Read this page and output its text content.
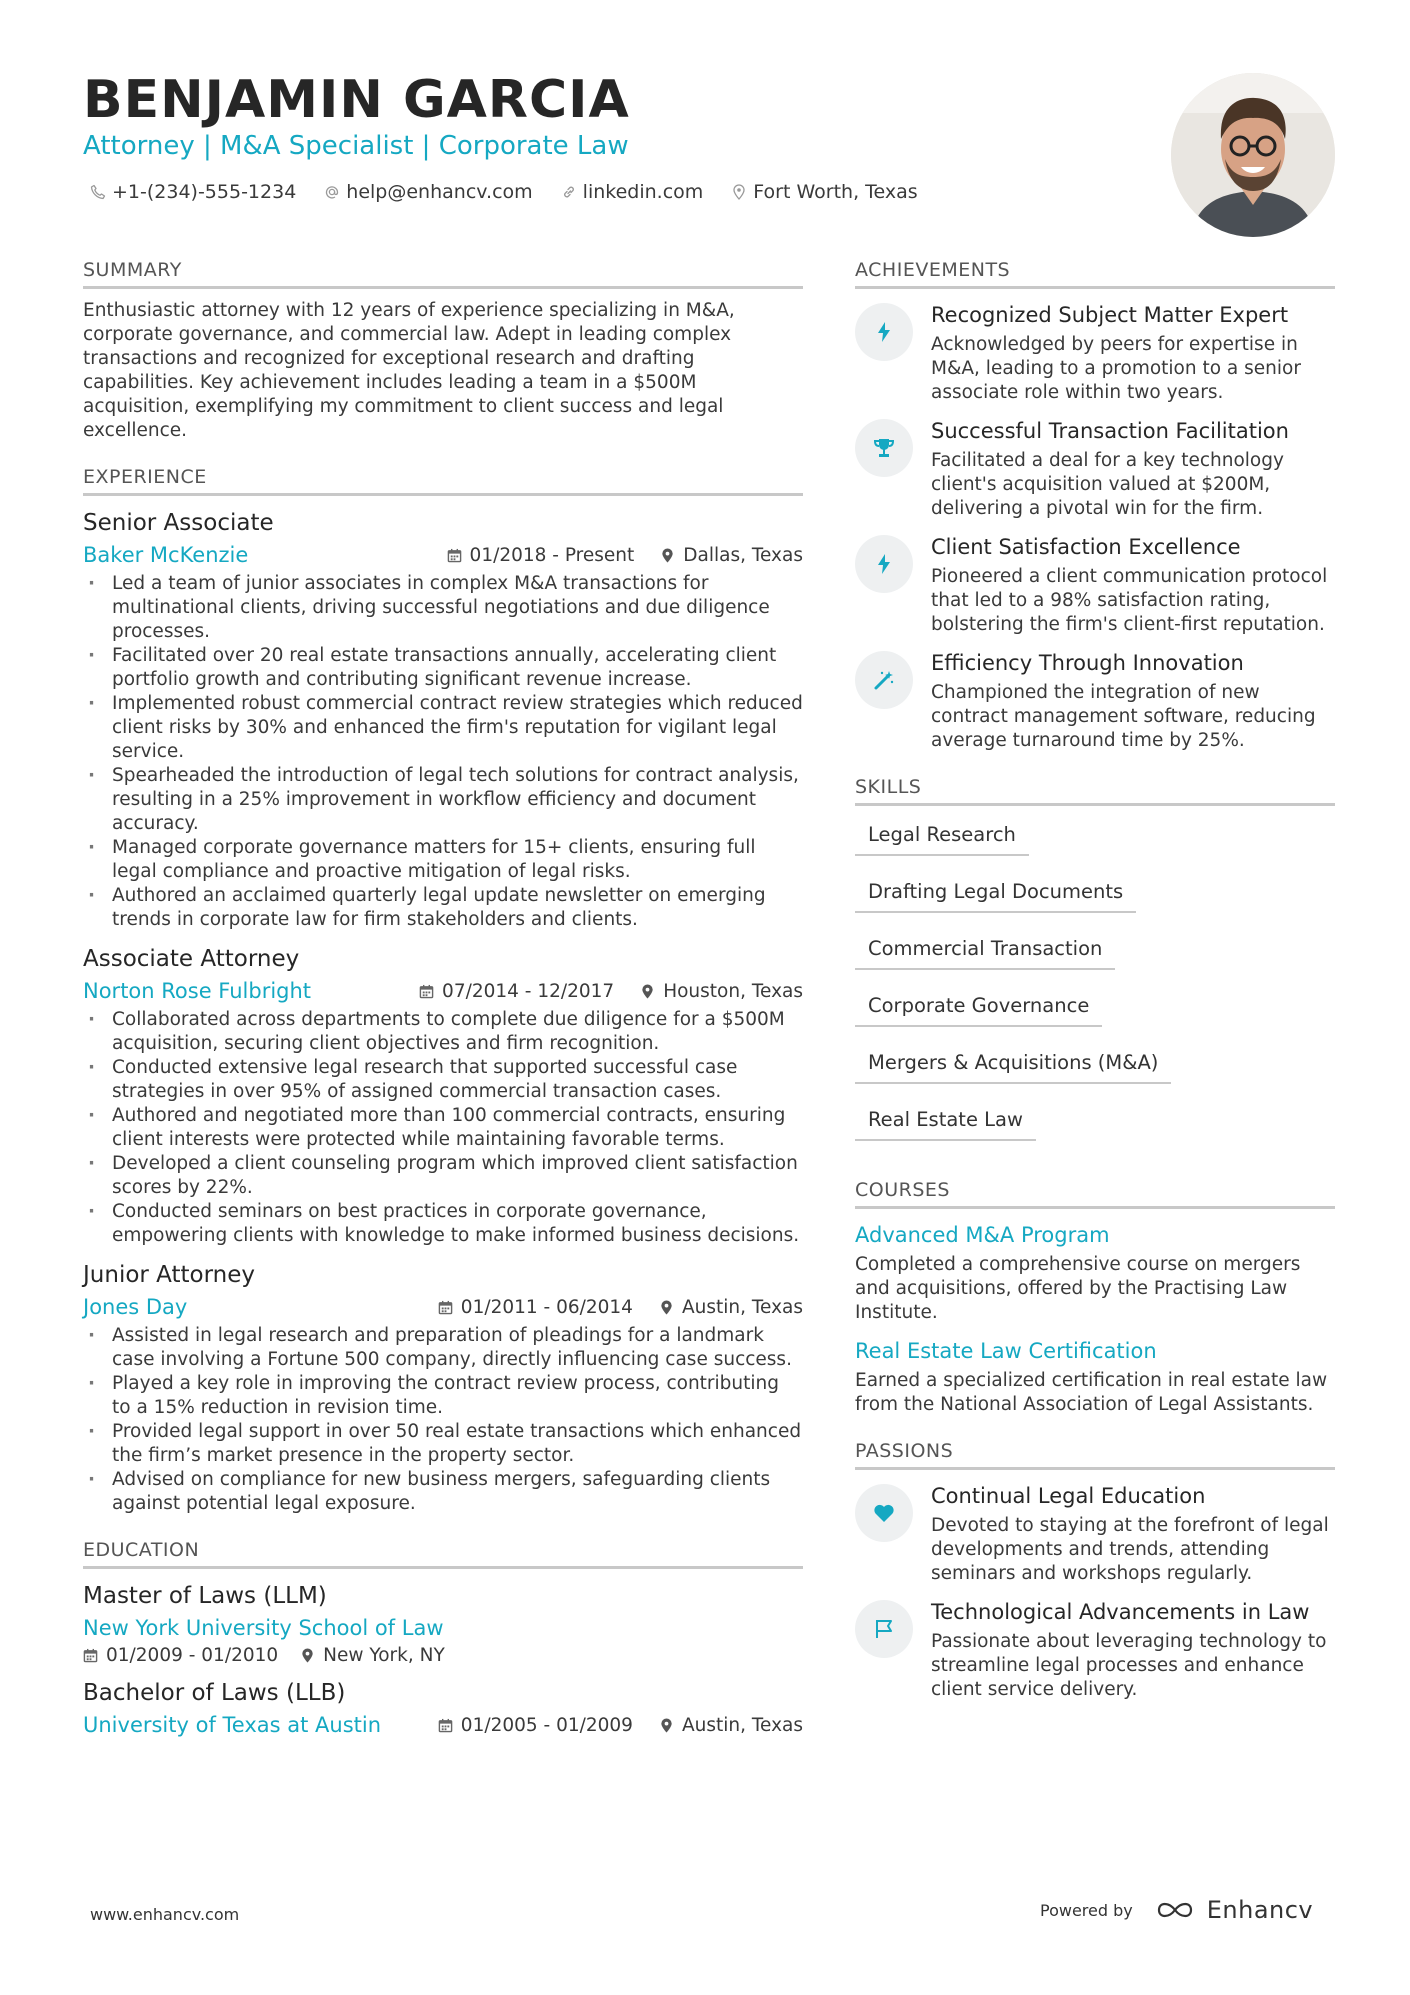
BENJAMIN GARCIA
Attorney | M&A Specialist | Corporate Law
+1-(234)-555-1234	help@enhancv.com	linkedin.com	Fort Worth, Texas
SUMMARY
Enthusiastic attorney with 12 years of experience specializing in M&A, corporate governance, and commercial law. Adept in leading complex transactions and recognized for exceptional research and drafting capabilities. Key achievement includes leading a team in a $500M acquisition, exemplifying my commitment to client success and legal excellence.
EXPERIENCE
Senior Associate
Baker McKenzie	01/2018 - Present	Dallas, Texas
· Led a team of junior associates in complex M&A transactions for multinational clients, driving successful negotiations and due diligence processes.
· Facilitated over 20 real estate transactions annually, accelerating client portfolio growth and contributing significant revenue increase.
· Implemented robust commercial contract review strategies which reduced client risks by 30% and enhanced the firm's reputation for vigilant legal service.
· Spearheaded the introduction of legal tech solutions for contract analysis, resulting in a 25% improvement in workflow efficiency and document accuracy.
· Managed corporate governance matters for 15+ clients, ensuring full legal compliance and proactive mitigation of legal risks.
· Authored an acclaimed quarterly legal update newsletter on emerging trends in corporate law for firm stakeholders and clients.
Associate Attorney
Norton Rose Fulbright	07/2014 - 12/2017	Houston, Texas
· Collaborated across departments to complete due diligence for a $500M acquisition, securing client objectives and firm recognition.
· Conducted extensive legal research that supported successful case strategies in over 95% of assigned commercial transaction cases.
· Authored and negotiated more than 100 commercial contracts, ensuring client interests were protected while maintaining favorable terms.
· Developed a client counseling program which improved client satisfaction scores by 22%.
· Conducted seminars on best practices in corporate governance, empowering clients with knowledge to make informed business decisions.
Junior Attorney
Jones Day	01/2011 - 06/2014	Austin, Texas
· Assisted in legal research and preparation of pleadings for a landmark case involving a Fortune 500 company, directly influencing case success.
· Played a key role in improving the contract review process, contributing to a 15% reduction in revision time.
· Provided legal support in over 50 real estate transactions which enhanced the firm’s market presence in the property sector.
· Advised on compliance for new business mergers, safeguarding clients against potential legal exposure.
EDUCATION
Master of Laws (LLM)
New York University School of Law
01/2009 - 01/2010 New York, NY
Bachelor of Laws (LLB)
University of Texas at Austin	01/2005 - 01/2009	Austin, Texas
ACHIEVEMENTS
Recognized Subject Matter Expert
Acknowledged by peers for expertise in M&A, leading to a promotion to a senior associate role within two years.
Successful Transaction Facilitation
Facilitated a deal for a key technology client's acquisition valued at $200M, delivering a pivotal win for the firm.
Client Satisfaction Excellence
Pioneered a client communication protocol that led to a 98% satisfaction rating, bolstering the firm's client-first reputation.
Efficiency Through Innovation
Championed the integration of new contract management software, reducing average turnaround time by 25%.
SKILLS
Legal Research
Drafting Legal Documents
Commercial Transaction
Corporate Governance
Mergers & Acquisitions (M&A)
Real Estate Law
COURSES
Advanced M&A Program
Completed a comprehensive course on mergers and acquisitions, offered by the Practising Law Institute.
Real Estate Law Certification
Earned a specialized certification in real estate law from the National Association of Legal Assistants.
PASSIONS
Continual Legal Education
Devoted to staying at the forefront of legal developments and trends, attending seminars and workshops regularly.
Technological Advancements in Law
Passionate about leveraging technology to streamline legal processes and enhance client service delivery.
www.enhancv.com	Powered by	Enhancv
